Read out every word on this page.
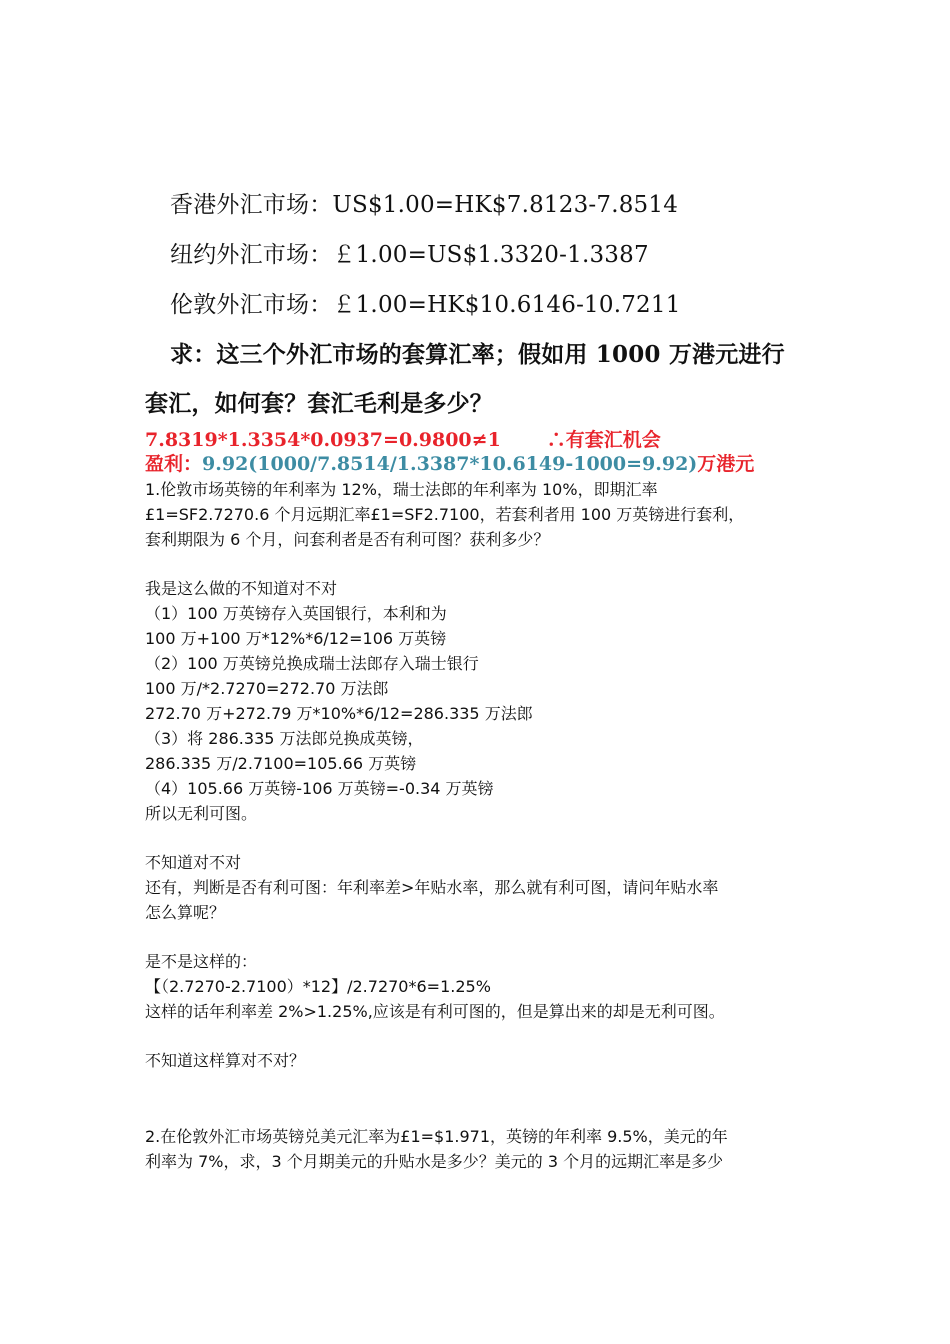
香港外汇市场：US$1.00=HK$7.8123-7.8514
纽约外汇市场：￡1.00=US$1.3320-1.3387
伦敦外汇市场：￡1.00=HK$10.6146-10.7211
求：这三个外汇市场的套算汇率；假如用 1000 万港元进行
套汇，如何套？套汇毛利是多少？
7.8319*1.3354*0.0937=0.9800≠1 ∴有套汇机会
盈利：9.92(1000/7.8514/1.3387*10.6149-1000=9.92)万港元
1.伦敦市场英镑的年利率为 12%，瑞士法郎的年利率为 10%，即期汇率
£1=SF2.7270.6 个月远期汇率£1=SF2.7100，若套利者用 100 万英镑进行套利，
套利期限为 6 个月，问套利者是否有利可图？获利多少？
我是这么做的不知道对不对
（1）100 万英镑存入英国银行，本利和为
100 万+100 万*12%*6/12=106 万英镑
（2）100 万英镑兑换成瑞士法郎存入瑞士银行
100 万/*2.7270=272.70 万法郎
272.70 万+272.79 万*10%*6/12=286.335 万法郎
（3）将 286.335 万法郎兑换成英镑，
286.335 万/2.7100=105.66 万英镑
（4）105.66 万英镑-106 万英镑=-0.34 万英镑
所以无利可图。
不知道对不对
还有，判断是否有利可图：年利率差>年贴水率，那么就有利可图，请问年贴水率
怎么算呢？
是不是这样的：
【（2.7270-2.7100）*12】/2.7270*6=1.25%
这样的话年利率差 2%>1.25%,应该是有利可图的，但是算出来的却是无利可图。
不知道这样算对不对？
2.在伦敦外汇市场英镑兑美元汇率为£1=$1.971，英镑的年利率 9.5%，美元的年
利率为 7%，求，3 个月期美元的升贴水是多少？美元的 3 个月的远期汇率是多少
